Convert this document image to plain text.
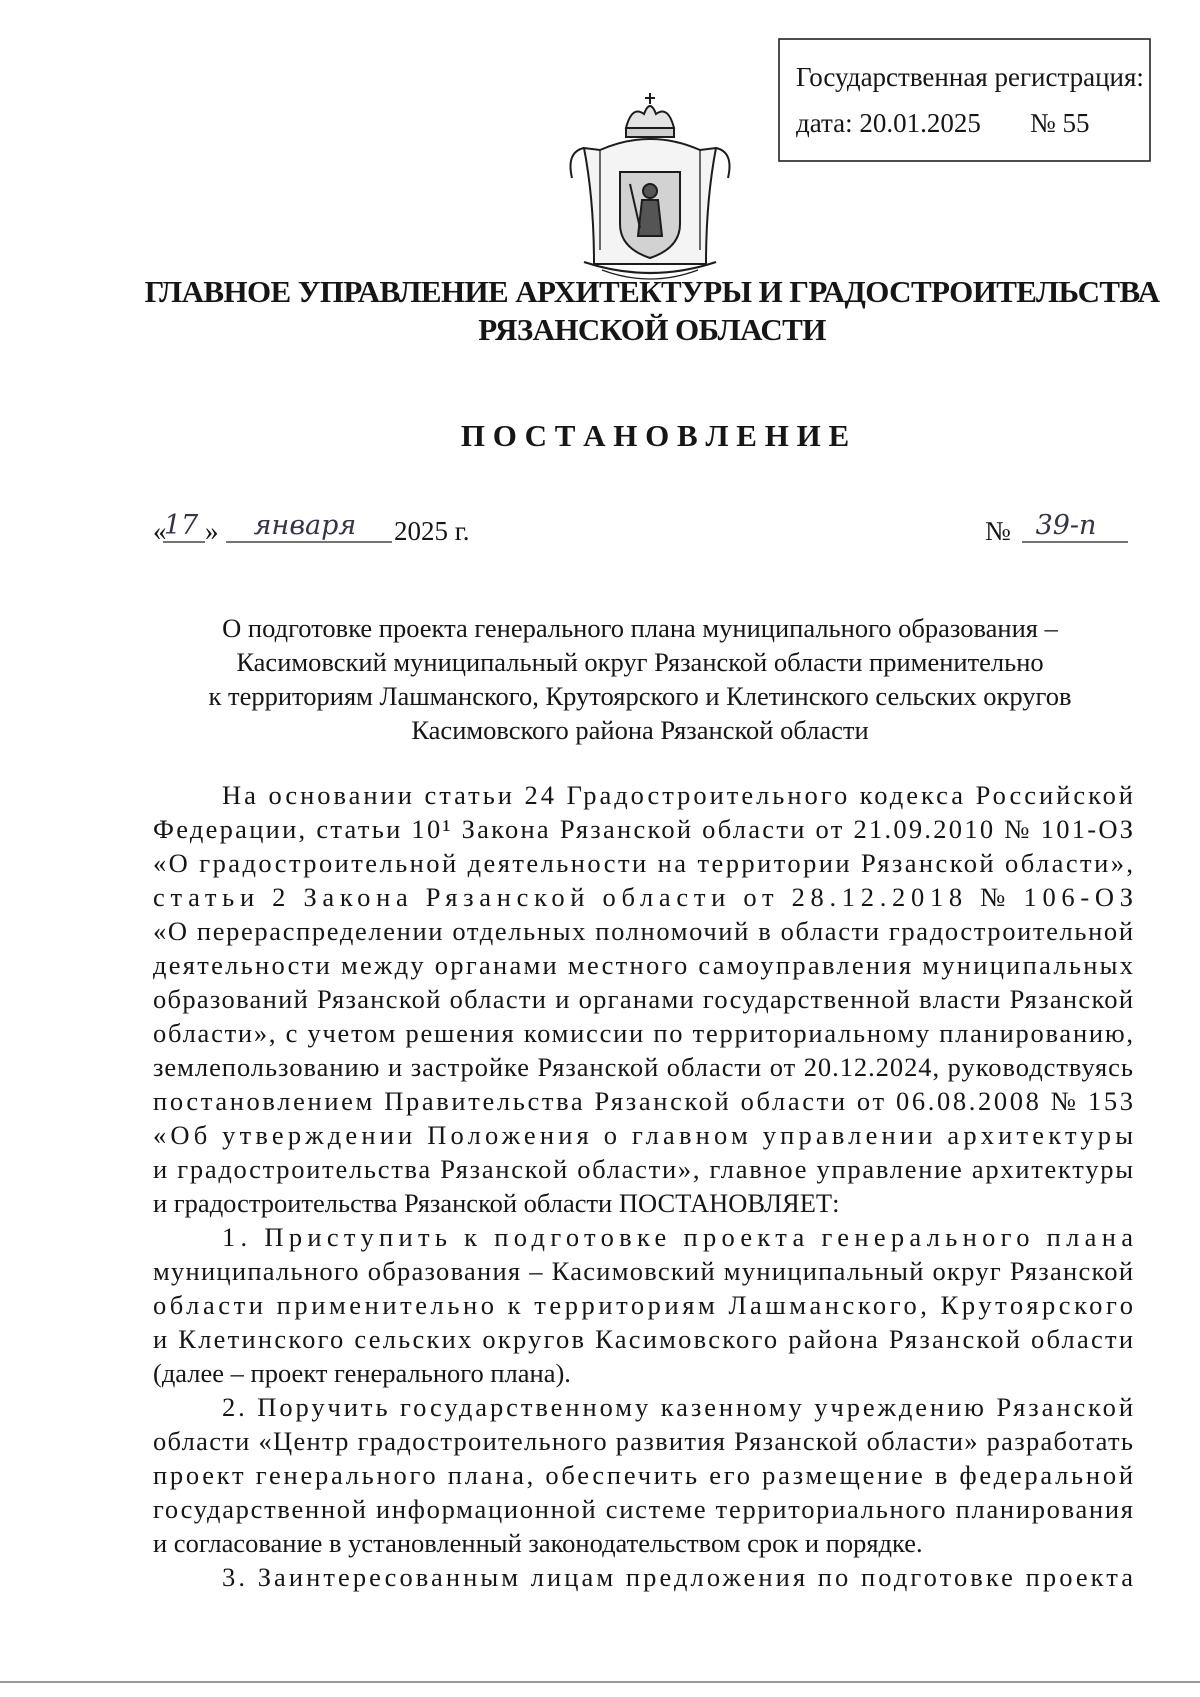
Государственная регистрация:
дата: 20.01.2025 № 55
ГЛАВНОЕ УПРАВЛЕНИЕ АРХИТЕКТУРЫ И ГРАДОСТРОИТЕЛЬСТВА
РЯЗАНСКОЙ ОБЛАСТИ
П О С Т А Н О В Л Е Н И Е
«
17 » января 2025 г.	№ 39-п
О подготовке проекта генерального плана муниципального образования –
Касимовский муниципальный округ Рязанской области применительно
к территориям Лашманского, Крутоярского и Клетинского сельских округов
Касимовского района Рязанской области
На основании статьи 24 Градостроительного кодекса Российской
Федерации, статьи 10¹ Закона Рязанской области от 21.09.2010 № 101-ОЗ
«О градостроительной деятельности на территории Рязанской области»,
статьи 2 Закона Рязанской области от 28.12.2018 № 106-ОЗ
«О перераспределении отдельных полномочий в области градостроительной
деятельности между органами местного самоуправления муниципальных
образований Рязанской области и органами государственной власти Рязанской
области», с учетом решения комиссии по территориальному планированию,
землепользованию и застройке Рязанской области от 20.12.2024, руководствуясь
постановлением Правительства Рязанской области от 06.08.2008 № 153
«Об утверждении Положения о главном управлении архитектуры
и градостроительства Рязанской области», главное управление архитектуры
и градостроительства Рязанской области ПОСТАНОВЛЯЕТ:
1. Приступить к подготовке проекта генерального плана
муниципального образования – Касимовский муниципальный округ Рязанской
области применительно к территориям Лашманского, Крутоярского
и Клетинского сельских округов Касимовского района Рязанской области
(далее – проект генерального плана).
2. Поручить государственному казенному учреждению Рязанской
области «Центр градостроительного развития Рязанской области» разработать
проект генерального плана, обеспечить его размещение в федеральной
государственной информационной системе территориального планирования
и согласование в установленный законодательством срок и порядке.
3. Заинтересованным лицам предложения по подготовке проекта
